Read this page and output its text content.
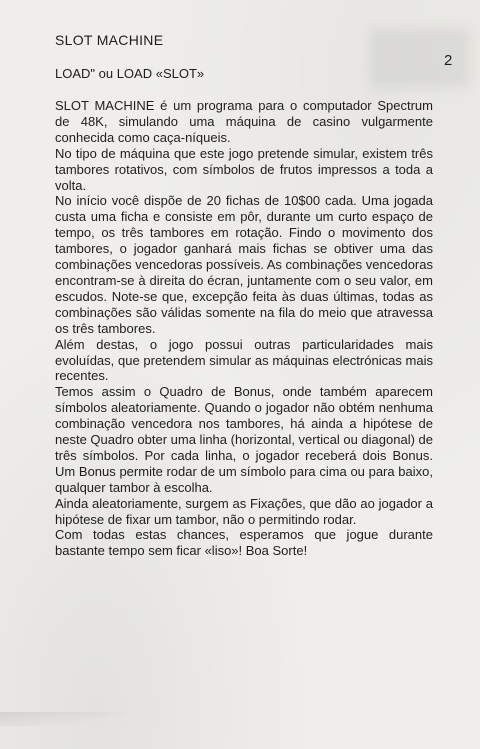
SLOT MACHINE
LOAD" ou LOAD «SLOT»
2

SLOT MACHINE é um programa para o computador Spectrum de 48K, simulando uma máquina de casino vulgarmente conhecida como caça-níqueis.

No tipo de máquina que este jogo pretende simular, existem três tambores rotativos, com símbolos de frutos impressos a toda a volta.

No início você dispõe de 20 fichas de 10$00 cada. Uma jogada custa uma ficha e consiste em pôr, durante um curto espaço de tempo, os três tambores em rotação. Findo o movimento dos tambores, o jogador ganhará mais fichas se obtiver uma das combinações vencedoras possíveis. As combinações vencedoras encontram-se à direita do écran, juntamente com o seu valor, em escudos. Note-se que, excepção feita às duas últimas, todas as combinações são válidas somente na fila do meio que atravessa os três tambores.

Além destas, o jogo possui outras particularidades mais evoluídas, que pretendem simular as máquinas electrónicas mais recentes.

Temos assim o Quadro de Bonus, onde também aparecem símbolos aleatoriamente. Quando o jogador não obtém nenhuma combinação vencedora nos tambores, há ainda a hipótese de neste Quadro obter uma linha (horizontal, vertical ou diagonal) de três símbolos. Por cada linha, o jogador receberá dois Bonus. Um Bonus permite rodar de um símbolo para cima ou para baixo, qualquer tambor à escolha.

Ainda aleatoriamente, surgem as Fixações, que dão ao jogador a hipótese de fixar um tambor, não o permitindo rodar.

Com todas estas chances, esperamos que jogue durante bastante tempo sem ficar «liso»! Boa Sorte!
